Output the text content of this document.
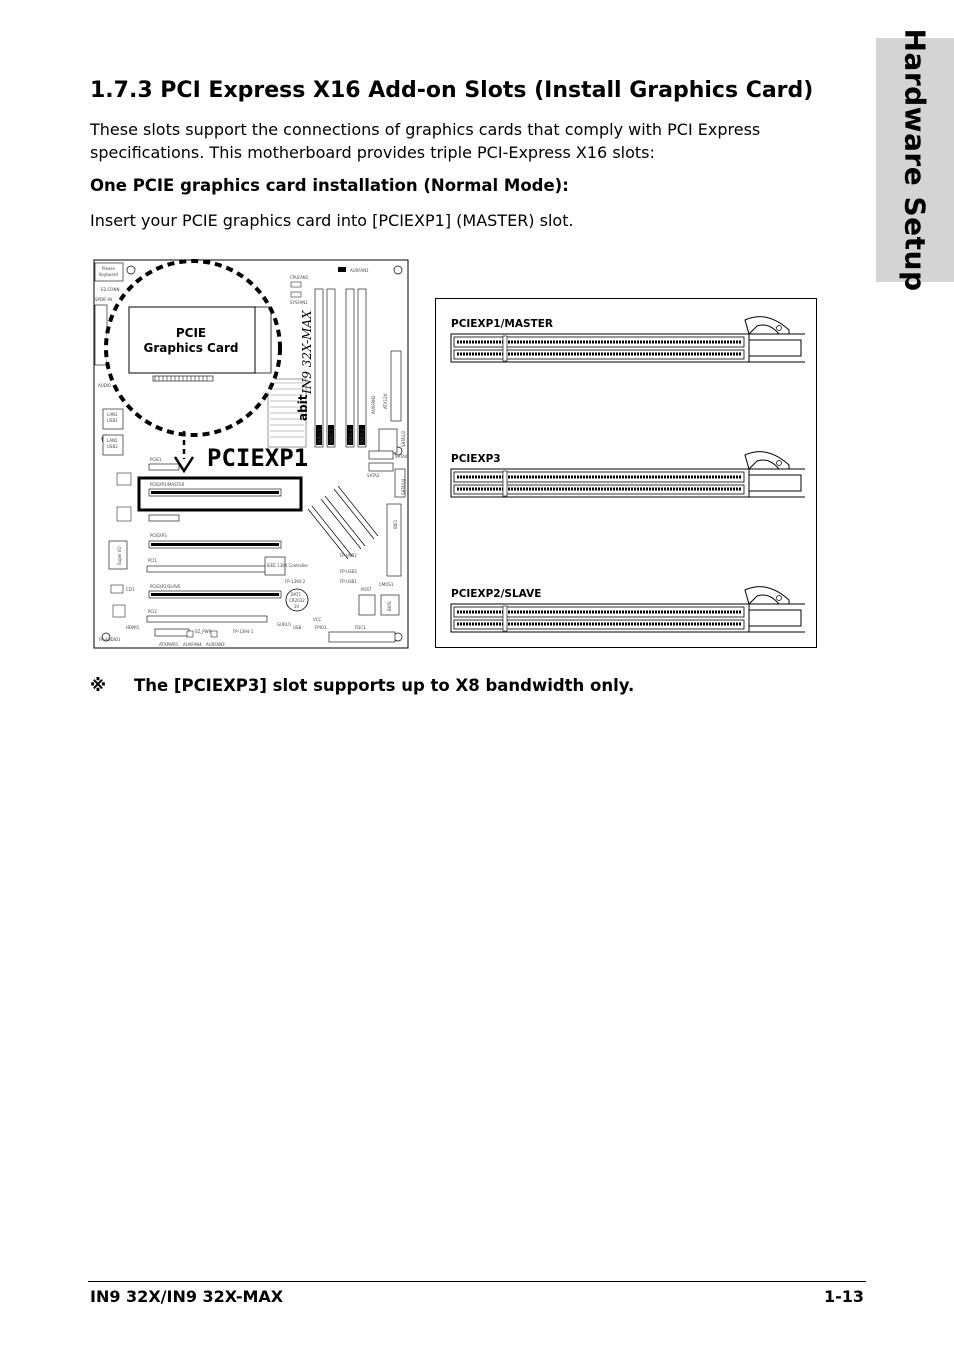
Hardware Setup
1.7.3 PCI Express X16 Add-on Slots (Install Graphics Card)

These slots support the connections of graphics cards that comply with PCI Express specifications. This motherboard provides triple PCI-Express X16 slots:

One PCIE graphics card installation (Normal Mode):

Insert your PCIE graphics card into [PCIEXP1] (MASTER) slot.

Please
Keyboard
E2-CONN
SPDIF-IN
AUDIO
LAN1
USB1
LAN2
USB2
CPUFAN1
SYSFAN1
AUXFAN1
DDR2 1 DDR2 2	DDR2 3 DDR2 4
ATX12V
AUXFAN2
SATA1/2
SATA4
SATA2
SATA3/4
IDE1
PCIE1
PCIEXP1/MASTER
PCIEXP3
PCI1
PCIEXP2/SLAVE
PCI2
Super I/O
CD1
HDMI1
FP-AUDIO1
IEEE 1394 Controller
FP-1394-2
BAT1
CR2032
3V
VCC
FP-USB2
FP-USB3
FP-USB1
POST
BIOS
CMOS1
ATXPWR1 AUXFAN4 AUXFAN3
EZ_PWR	FP-1394-1
GURU1
USB	FPIO1	FDC1
abit
IN9 32X-MAX
PCIE
Graphics Card
PCIEXP1
PCIEXP1/MASTER
PCIEXP3
PCIEXP2/SLAVE
※ The [PCIEXP3] slot supports up to X8 bandwidth only.
IN9 32X/IN9 32X-MAX	1-13
